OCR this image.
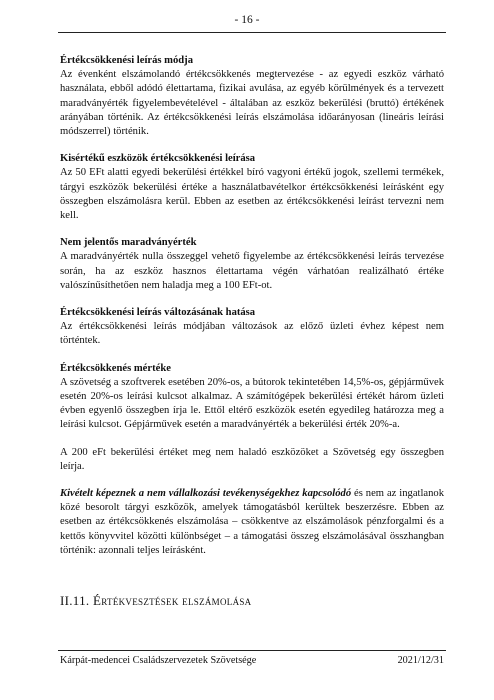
- 16 -

Értékcsökkenési leírás módja

Az évenként elszámolandó értékcsökkenés megtervezése - az egyedi eszköz várható használata, ebből adódó élettartama, fizikai avulása, az egyéb körülmények és a tervezett maradványérték figyelembevételével - általában az eszköz bekerülési (bruttó) értékének arányában történik. Az értékcsökkenési leírás elszámolása időarányosan (lineáris leírási módszerrel) történik.

Kisértékű eszközök értékcsökkenési leírása

Az 50 EFt alatti egyedi bekerülési értékkel bíró vagyoni értékű jogok, szellemi termékek, tárgyi eszközök bekerülési értéke a használatbavételkor értékcsökkenési leírásként egy összegben elszámolásra kerül. Ebben az esetben az értékcsökkenési leírást tervezni nem kell.

Nem jelentős maradványérték

A maradványérték nulla összeggel vehető figyelembe az értékcsökkenési leírás tervezése során, ha az eszköz hasznos élettartama végén várhatóan realizálható értéke valószínűsíthetően nem haladja meg a 100 EFt-ot.

Értékcsökkenési leírás változásának hatása

Az értékcsökkenési leírás módjában változások az előző üzleti évhez képest nem történtek.

Értékcsökkenés mértéke

A szövetség a szoftverek esetében 20%-os, a bútorok tekintetében 14,5%-os, gépjárművek esetén 20%-os leírási kulcsot alkalmaz. A számítógépek bekerülési értékét három üzleti évben egyenlő összegben írja le. Ettől eltérő eszközök esetén egyedileg határozza meg a leírási kulcsot. Gépjárművek esetén a maradványérték a bekerülési érték 20%-a.

A 200 eFt bekerülési értéket meg nem haladó eszközöket a Szövetség egy összegben leírja.

Kivételt képeznek a nem vállalkozási tevékenységekhez kapcsolódó és nem az ingatlanok közé besorolt tárgyi eszközök, amelyek támogatásból kerültek beszerzésre. Ebben az esetben az értékcsökkenés elszámolása – csökkentve az elszámolások pénzforgalmi és a kettős könyvvitel közötti különbséget – a támogatási összeg elszámolásával összhangban történik: azonnali teljes leírásként.

II.11. Értékvesztések elszámolása
Kárpát-medencei Családszervezetek Szövetsége	2021/12/31
